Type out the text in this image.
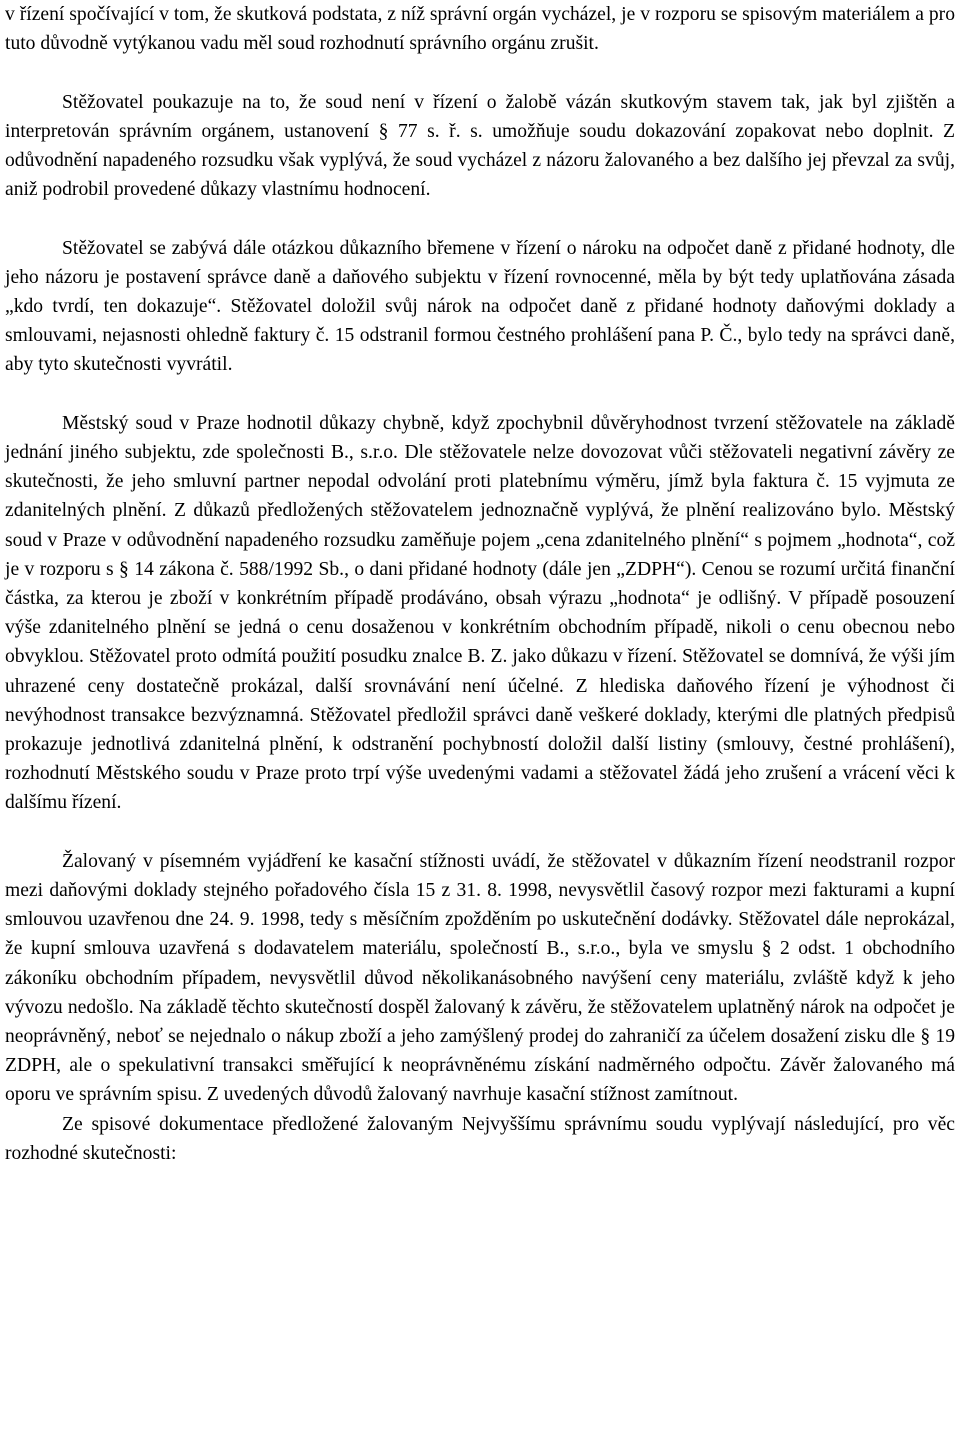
v řízení spočívající v tom, že skutková podstata, z níž správní orgán vycházel, je v rozporu se spisovým materiálem a pro tuto důvodně vytýkanou vadu měl soud rozhodnutí správního orgánu zrušit.

Stěžovatel poukazuje na to, že soud není v řízení o žalobě vázán skutkovým stavem tak, jak byl zjištěn a interpretován správním orgánem, ustanovení § 77 s. ř. s. umožňuje soudu dokazování zopakovat nebo doplnit. Z odůvodnění napadeného rozsudku však vyplývá, že soud vycházel z názoru žalovaného a bez dalšího jej převzal za svůj, aniž podrobil provedené důkazy vlastnímu hodnocení.

Stěžovatel se zabývá dále otázkou důkazního břemene v řízení o nároku na odpočet daně z přidané hodnoty, dle jeho názoru je postavení správce daně a daňového subjektu v řízení rovnocenné, měla by být tedy uplatňována zásada „kdo tvrdí, ten dokazuje“. Stěžovatel doložil svůj nárok na odpočet daně z přidané hodnoty daňovými doklady a smlouvami, nejasnosti ohledně faktury č. 15 odstranil formou čestného prohlášení pana P. Č., bylo tedy na správci daně, aby tyto skutečnosti vyvrátil.

Městský soud v Praze hodnotil důkazy chybně, když zpochybnil důvěryhodnost tvrzení stěžovatele na základě jednání jiného subjektu, zde společnosti B., s.r.o. Dle stěžovatele nelze dovozovat vůči stěžovateli negativní závěry ze skutečnosti, že jeho smluvní partner nepodal odvolání proti platebnímu výměru, jímž byla faktura č. 15 vyjmuta ze zdanitelných plnění. Z důkazů předložených stěžovatelem jednoznačně vyplývá, že plnění realizováno bylo. Městský soud v Praze v odůvodnění napadeného rozsudku zaměňuje pojem „cena zdanitelného plnění“ s pojmem „hodnota“, což je v rozporu s § 14 zákona č. 588/1992 Sb., o dani přidané hodnoty (dále jen „ZDPH“). Cenou se rozumí určitá finanční částka, za kterou je zboží v konkrétním případě prodáváno, obsah výrazu „hodnota“ je odlišný. V případě posouzení výše zdanitelného plnění se jedná o cenu dosaženou v konkrétním obchodním případě, nikoli o cenu obecnou nebo obvyklou. Stěžovatel proto odmítá použití posudku znalce B. Z. jako důkazu v řízení. Stěžovatel se domnívá, že výši jím uhrazené ceny dostatečně prokázal, další srovnávání není účelné. Z hlediska daňového řízení je výhodnost či nevýhodnost transakce bezvýznamná. Stěžovatel předložil správci daně veškeré doklady, kterými dle platných předpisů prokazuje jednotlivá zdanitelná plnění, k odstranění pochybností doložil další listiny (smlouvy, čestné prohlášení), rozhodnutí Městského soudu v Praze proto trpí výše uvedenými vadami a stěžovatel žádá jeho zrušení a vrácení věci k dalšímu řízení.

Žalovaný v písemném vyjádření ke kasační stížnosti uvádí, že stěžovatel v důkazním řízení neodstranil rozpor mezi daňovými doklady stejného pořadového čísla 15 z 31. 8. 1998, nevysvětlil časový rozpor mezi fakturami a kupní smlouvou uzavřenou dne 24. 9. 1998, tedy s měsíčním zpožděním po uskutečnění dodávky. Stěžovatel dále neprokázal, že kupní smlouva uzavřená s dodavatelem materiálu, společností B., s.r.o., byla ve smyslu § 2 odst. 1 obchodního zákoníku obchodním případem, nevysvětlil důvod několikanásobného navýšení ceny materiálu, zvláště když k jeho vývozu nedošlo. Na základě těchto skutečností dospěl žalovaný k závěru, že stěžovatelem uplatněný nárok na odpočet je neoprávněný, neboť se nejednalo o nákup zboží a jeho zamýšlený prodej do zahraničí za účelem dosažení zisku dle § 19 ZDPH, ale o spekulativní transakci směřující k neoprávněnému získání nadměrného odpočtu. Závěr žalovaného má oporu ve správním spisu. Z uvedených důvodů žalovaný navrhuje kasační stížnost zamítnout.

Ze spisové dokumentace předložené žalovaným Nejvyššímu správnímu soudu vyplývají následující, pro věc rozhodné skutečnosti:
